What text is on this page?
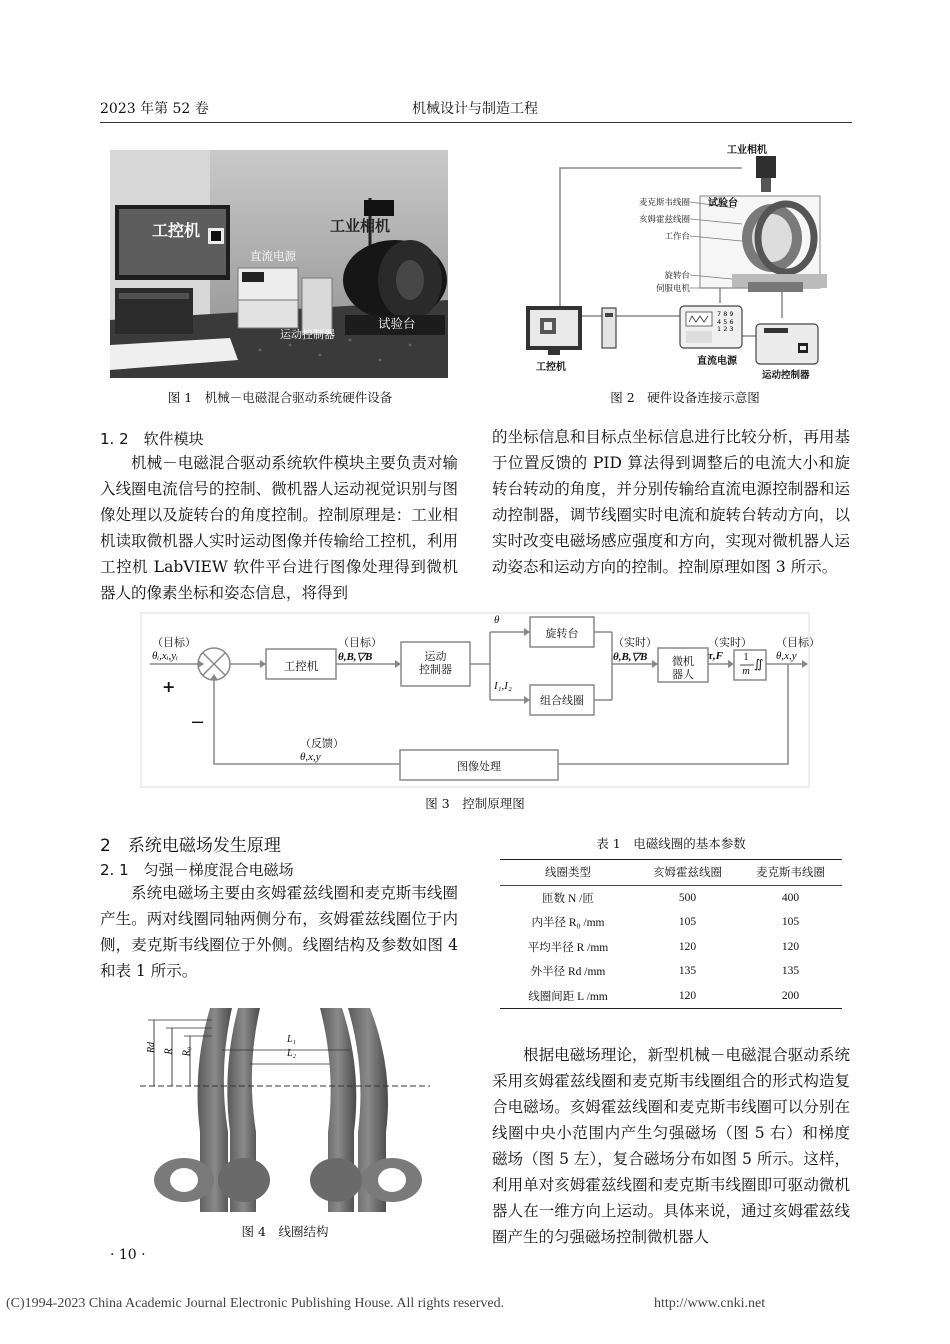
2023 年第 52 卷	机械设计与制造工程
工控机	工业相机
直流电源
运动控制器
试验台
图 1　机械－电磁混合驱动系统硬件设备
工业相机
试验台
麦克斯韦线圈
亥姆霍兹线圈
工作台
旋转台
伺服电机
工控机
直流电源
运动控制器
7 8 9
4 5 6
1 2 3
图 2　硬件设备连接示意图
1. 2　软件模块
机械－电磁混合驱动系统软件模块主要负责对输入线圈电流信号的控制、微机器人运动视觉识别与图像处理以及旋转台的角度控制。控制原理是：工业相机读取微机器人实时运动图像并传输给工控机，利用工控机 LabVIEW 软件平台进行图像处理得到微机器人的像素坐标和姿态信息，将得到
的坐标信息和目标点坐标信息进行比较分析，再用基于位置反馈的 PID 算法得到调整后的电流大小和旋转台转动的角度，并分别传输给直流电源控制器和运动控制器，调节线圈实时电流和旋转台转动方向，以实时改变电磁场感应强度和方向，实现对微机器人运动姿态和运动方向的控制。控制原理如图 3 所示。
（目标）
θᵢ,xᵢ,yᵢ
+
−
工控机
（目标）
θ,B,▽B	运动
控制器
θ
I₁,I₂
旋转台
组合线圈
（实时）
θ,B,▽B	微机
器人
（实时）
τ,F	1
m
∬
（目标）
θ,x,y
（反馈）
θ,x,y
图像处理
图 3　控制原理图
2　系统电磁场发生原理
2. 1　匀强－梯度混合电磁场
系统电磁场主要由亥姆霍兹线圈和麦克斯韦线圈产生。两对线圈同轴两侧分布，亥姆霍兹线圈位于内侧，麦克斯韦线圈位于外侧。线圈结构及参数如图 4 和表 1 所示。
表 1　电磁线圈的基本参数
线圈类型	亥姆霍兹线圈	麦克斯韦线圈
匝数 N /匝	500	400
内半径 R₀ /mm	105	105
平均半径 R /mm	120	120
外半径 Rd /mm	135	135
线圈间距 L /mm	120	200
Rd R R₀
L₁
L₂
图 4　线圈结构
根据电磁场理论，新型机械－电磁混合驱动系统采用亥姆霍兹线圈和麦克斯韦线圈组合的形式构造复合电磁场。亥姆霍兹线圈和麦克斯韦线圈可以分别在线圈中央小范围内产生匀强磁场（图 5 右）和梯度磁场（图 5 左），复合磁场分布如图 5 所示。这样，利用单对亥姆霍兹线圈和麦克斯韦线圈即可驱动微机器人在一维方向上运动。具体来说，通过亥姆霍兹线圈产生的匀强磁场控制微机器人
· 10 ·
(C)1994-2023 China Academic Journal Electronic Publishing House. All rights reserved.	http://www.cnki.net
